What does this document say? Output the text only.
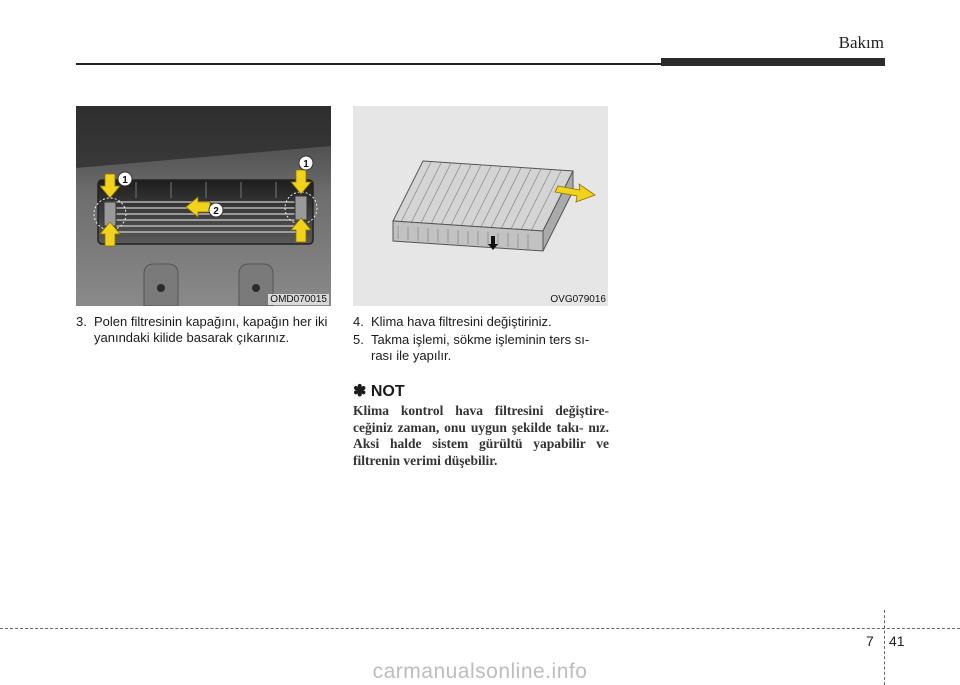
Bakım
1
1
2
OMD070015	OVG079016
3. Polen filtresinin kapağını, kapağın her iki yanındaki kilide basarak çıkarınız.
4. Klima hava filtresini değiştiriniz.
5. Takma işlemi, sökme işleminin ters sı- rası ile yapılır.
✽ NOT
Klima kontrol hava filtresini değiştire- ceğiniz zaman, onu uygun şekilde takı- nız. Aksi halde sistem gürültü yapabilir ve filtrenin verimi düşebilir.
7 41
carmanualsonline.info
